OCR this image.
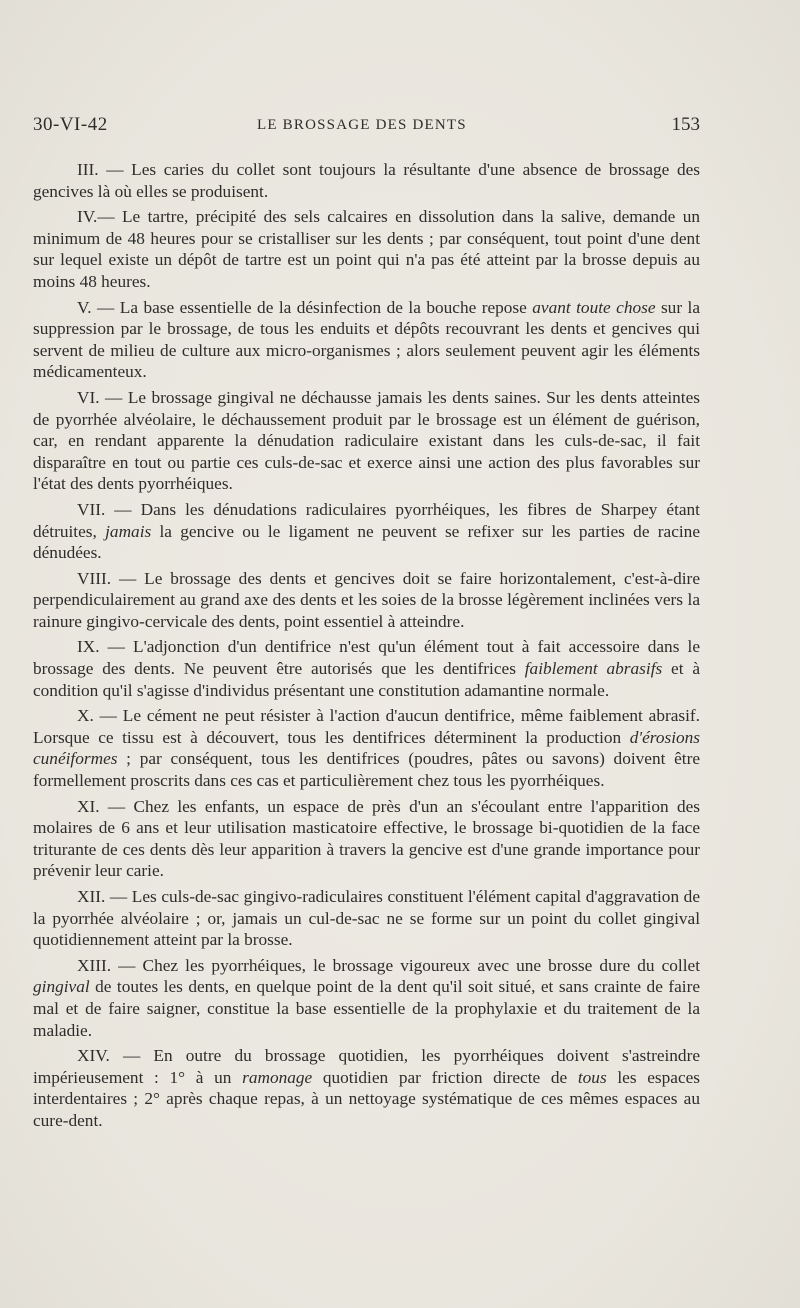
30-VI-42	LE BROSSAGE DES DENTS	153

III. — Les caries du collet sont toujours la résultante d'une absence de brossage des gencives là où elles se produisent.

IV.— Le tartre, précipité des sels calcaires en dissolution dans la salive, demande un minimum de 48 heures pour se cristalliser sur les dents ; par conséquent, tout point d'une dent sur lequel existe un dépôt de tartre est un point qui n'a pas été atteint par la brosse depuis au moins 48 heures.

V. — La base essentielle de la désinfection de la bouche repose avant toute chose sur la suppression par le brossage, de tous les enduits et dépôts recouvrant les dents et gencives qui servent de milieu de culture aux micro-organismes ; alors seulement peuvent agir les éléments médicamenteux.

VI. — Le brossage gingival ne déchausse jamais les dents saines. Sur les dents atteintes de pyorrhée alvéolaire, le déchaussement produit par le brossage est un élément de guérison, car, en rendant apparente la dénudation radiculaire existant dans les culs-de-sac, il fait disparaître en tout ou partie ces culs-de-sac et exerce ainsi une action des plus favorables sur l'état des dents pyorrhéiques.

VII. — Dans les dénudations radiculaires pyorrhéiques, les fibres de Sharpey étant détruites, jamais la gencive ou le ligament ne peuvent se refixer sur les parties de racine dénudées.

VIII. — Le brossage des dents et gencives doit se faire horizontalement, c'est-à-dire perpendiculairement au grand axe des dents et les soies de la brosse légèrement inclinées vers la rainure gingivo-cervicale des dents, point essentiel à atteindre.

IX. — L'adjonction d'un dentifrice n'est qu'un élément tout à fait accessoire dans le brossage des dents. Ne peuvent être autorisés que les dentifrices faiblement abrasifs et à condition qu'il s'agisse d'individus présentant une constitution adamantine normale.

X. — Le cément ne peut résister à l'action d'aucun dentifrice, même faiblement abrasif. Lorsque ce tissu est à découvert, tous les dentifrices déterminent la production d'érosions cunéiformes ; par conséquent, tous les dentifrices (poudres, pâtes ou savons) doivent être formellement proscrits dans ces cas et particulièrement chez tous les pyorrhéiques.

XI. — Chez les enfants, un espace de près d'un an s'écoulant entre l'apparition des molaires de 6 ans et leur utilisation masticatoire effective, le brossage bi-quotidien de la face triturante de ces dents dès leur apparition à travers la gencive est d'une grande importance pour prévenir leur carie.

XII. — Les culs-de-sac gingivo-radiculaires constituent l'élément capital d'aggravation de la pyorrhée alvéolaire ; or, jamais un cul-de-sac ne se forme sur un point du collet gingival quotidiennement atteint par la brosse.

XIII. — Chez les pyorrhéiques, le brossage vigoureux avec une brosse dure du collet gingival de toutes les dents, en quelque point de la dent qu'il soit situé, et sans crainte de faire mal et de faire saigner, constitue la base essentielle de la prophylaxie et du traitement de la maladie.

XIV. — En outre du brossage quotidien, les pyorrhéiques doivent s'astreindre impérieusement : 1° à un ramonage quotidien par friction directe de tous les espaces interdentaires ; 2° après chaque repas, à un nettoyage systématique de ces mêmes espaces au cure-dent.
